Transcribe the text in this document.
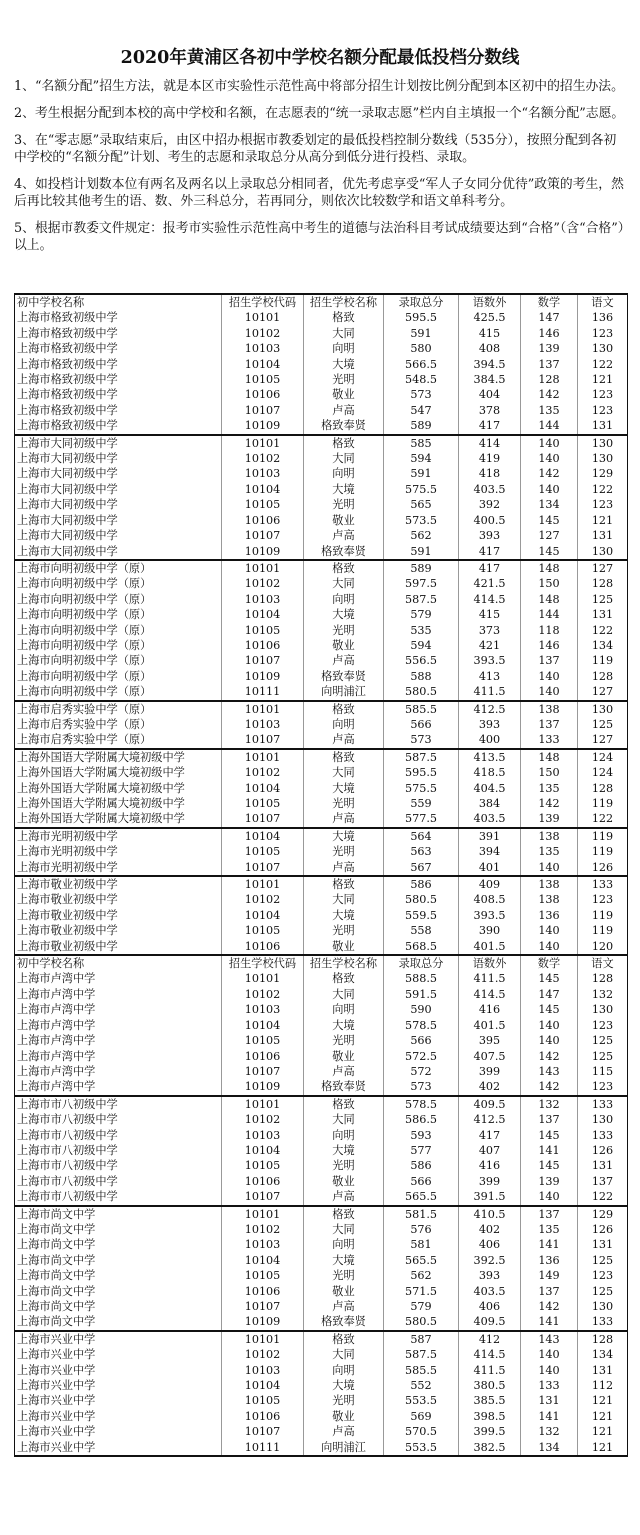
2020年黄浦区各初中学校名额分配最低投档分数线

1、“名额分配”招生方法，就是本区市实验性示范性高中将部分招生计划按比例分配到本区初中的招生办法。

2、考生根据分配到本校的高中学校和名额，在志愿表的“统一录取志愿”栏内自主填报一个“名额分配”志愿。

3、在“零志愿”录取结束后，由区中招办根据市教委划定的最低投档控制分数线（535分），按照分配到各初中学校的“名额分配”计划、考生的志愿和录取总分从高分到低分进行投档、录取。

4、如投档计划数本位有两名及两名以上录取总分相同者，优先考虑享受“军人子女同分优待”政策的考生，然后再比较其他考生的语、数、外三科总分，若再同分，则依次比较数学和语文单科考分。

5、根据市教委文件规定：报考市实验性示范性高中考生的道德与法治科目考试成绩要达到“合格”（含“合格”）以上。

初中学校名称	招生学校代码	招生学校名称	录取总分	语数外	数学	语文
上海市格致初级中学	10101	格致	595.5	425.5	147	136
上海市格致初级中学	10102	大同	591	415	146	123
上海市格致初级中学	10103	向明	580	408	139	130
上海市格致初级中学	10104	大境	566.5	394.5	137	122
上海市格致初级中学	10105	光明	548.5	384.5	128	121
上海市格致初级中学	10106	敬业	573	404	142	123
上海市格致初级中学	10107	卢高	547	378	135	123
上海市格致初级中学	10109	格致奉贤	589	417	144	131
上海市大同初级中学	10101	格致	585	414	140	130
上海市大同初级中学	10102	大同	594	419	140	130
上海市大同初级中学	10103	向明	591	418	142	129
上海市大同初级中学	10104	大境	575.5	403.5	140	122
上海市大同初级中学	10105	光明	565	392	134	123
上海市大同初级中学	10106	敬业	573.5	400.5	145	121
上海市大同初级中学	10107	卢高	562	393	127	131
上海市大同初级中学	10109	格致奉贤	591	417	145	130
上海市向明初级中学（原）	10101	格致	589	417	148	127
上海市向明初级中学（原）	10102	大同	597.5	421.5	150	128
上海市向明初级中学（原）	10103	向明	587.5	414.5	148	125
上海市向明初级中学（原）	10104	大境	579	415	144	131
上海市向明初级中学（原）	10105	光明	535	373	118	122
上海市向明初级中学（原）	10106	敬业	594	421	146	134
上海市向明初级中学（原）	10107	卢高	556.5	393.5	137	119
上海市向明初级中学（原）	10109	格致奉贤	588	413	140	128
上海市向明初级中学（原）	10111	向明浦江	580.5	411.5	140	127
上海市启秀实验中学（原）	10101	格致	585.5	412.5	138	130
上海市启秀实验中学（原）	10103	向明	566	393	137	125
上海市启秀实验中学（原）	10107	卢高	573	400	133	127
上海外国语大学附属大境初级中学	10101	格致	587.5	413.5	148	124
上海外国语大学附属大境初级中学	10102	大同	595.5	418.5	150	124
上海外国语大学附属大境初级中学	10104	大境	575.5	404.5	135	128
上海外国语大学附属大境初级中学	10105	光明	559	384	142	119
上海外国语大学附属大境初级中学	10107	卢高	577.5	403.5	139	122
上海市光明初级中学	10104	大境	564	391	138	119
上海市光明初级中学	10105	光明	563	394	135	119
上海市光明初级中学	10107	卢高	567	401	140	126
上海市敬业初级中学	10101	格致	586	409	138	133
上海市敬业初级中学	10102	大同	580.5	408.5	138	123
上海市敬业初级中学	10104	大境	559.5	393.5	136	119
上海市敬业初级中学	10105	光明	558	390	140	119
上海市敬业初级中学	10106	敬业	568.5	401.5	140	120
初中学校名称	招生学校代码	招生学校名称	录取总分	语数外	数学	语文
上海市卢湾中学	10101	格致	588.5	411.5	145	128
上海市卢湾中学	10102	大同	591.5	414.5	147	132
上海市卢湾中学	10103	向明	590	416	145	130
上海市卢湾中学	10104	大境	578.5	401.5	140	123
上海市卢湾中学	10105	光明	566	395	140	125
上海市卢湾中学	10106	敬业	572.5	407.5	142	125
上海市卢湾中学	10107	卢高	572	399	143	115
上海市卢湾中学	10109	格致奉贤	573	402	142	123
上海市市八初级中学	10101	格致	578.5	409.5	132	133
上海市市八初级中学	10102	大同	586.5	412.5	137	130
上海市市八初级中学	10103	向明	593	417	145	133
上海市市八初级中学	10104	大境	577	407	141	126
上海市市八初级中学	10105	光明	586	416	145	131
上海市市八初级中学	10106	敬业	566	399	139	137
上海市市八初级中学	10107	卢高	565.5	391.5	140	122
上海市尚文中学	10101	格致	581.5	410.5	137	129
上海市尚文中学	10102	大同	576	402	135	126
上海市尚文中学	10103	向明	581	406	141	131
上海市尚文中学	10104	大境	565.5	392.5	136	125
上海市尚文中学	10105	光明	562	393	149	123
上海市尚文中学	10106	敬业	571.5	403.5	137	125
上海市尚文中学	10107	卢高	579	406	142	130
上海市尚文中学	10109	格致奉贤	580.5	409.5	141	133
上海市兴业中学	10101	格致	587	412	143	128
上海市兴业中学	10102	大同	587.5	414.5	140	134
上海市兴业中学	10103	向明	585.5	411.5	140	131
上海市兴业中学	10104	大境	552	380.5	133	112
上海市兴业中学	10105	光明	553.5	385.5	131	121
上海市兴业中学	10106	敬业	569	398.5	141	121
上海市兴业中学	10107	卢高	570.5	399.5	132	121
上海市兴业中学	10111	向明浦江	553.5	382.5	134	121
